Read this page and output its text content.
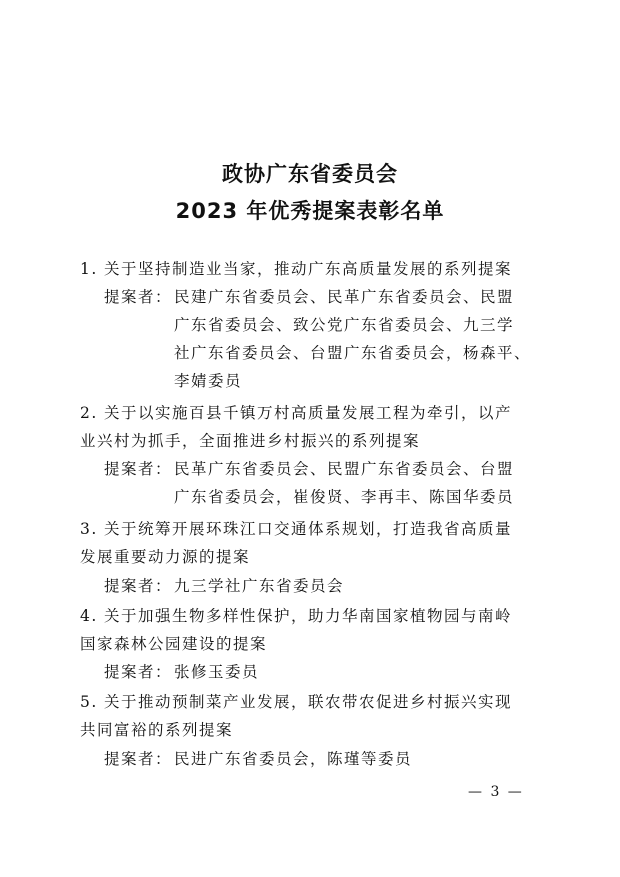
政协广东省委员会
2023 年优秀提案表彰名单
1. 关于坚持制造业当家，推动广东高质量发展的系列提案
提案者： 民建广东省委员会、民革广东省委员会、民盟
广东省委员会、致公党广东省委员会、九三学
社广东省委员会、台盟广东省委员会，杨森平、
李婧委员
2. 关于以实施百县千镇万村高质量发展工程为牵引，以产
业兴村为抓手，全面推进乡村振兴的系列提案
提案者： 民革广东省委员会、民盟广东省委员会、台盟
广东省委员会，崔俊贤、李再丰、陈国华委员
3. 关于统筹开展环珠江口交通体系规划，打造我省高质量
发展重要动力源的提案
提案者： 九三学社广东省委员会
4. 关于加强生物多样性保护，助力华南国家植物园与南岭
国家森林公园建设的提案
提案者： 张修玉委员
5. 关于推动预制菜产业发展，联农带农促进乡村振兴实现
共同富裕的系列提案
提案者： 民进广东省委员会，陈瑾等委员
— 3 —
